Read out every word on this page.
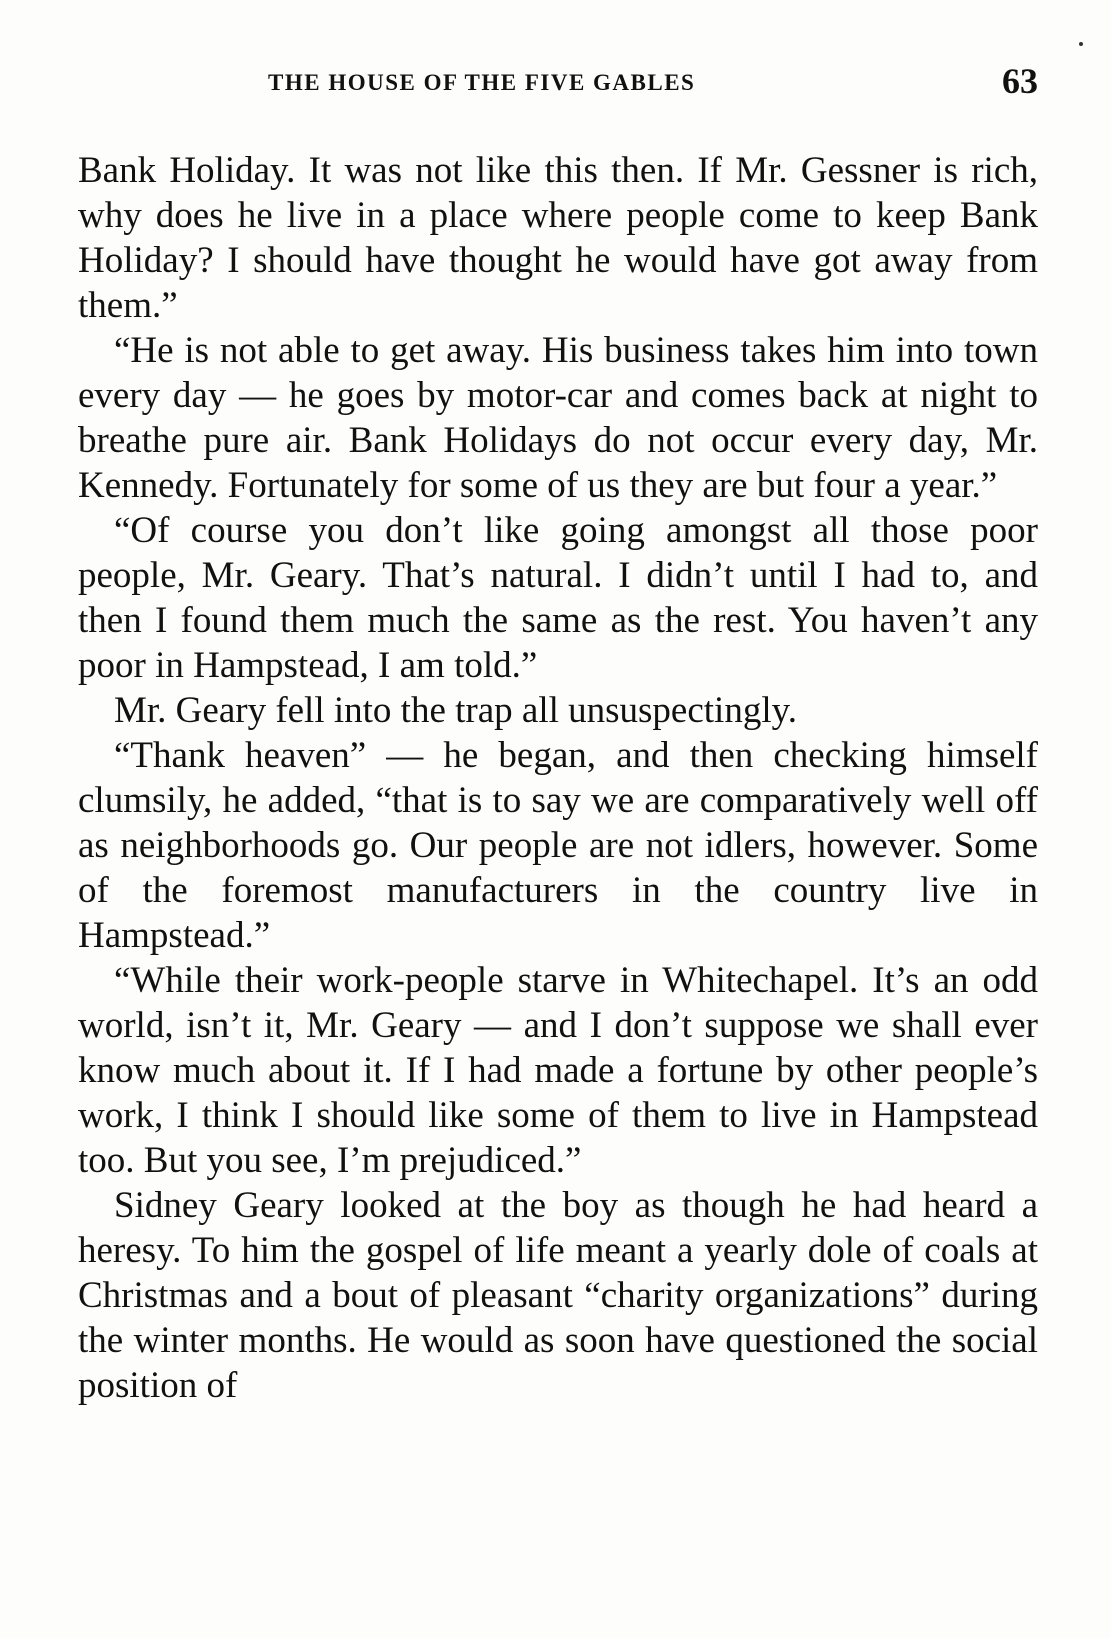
THE HOUSE OF THE FIVE GABLES	63

Bank Holiday. It was not like this then. If Mr. Gessner is rich, why does he live in a place where people come to keep Bank Holiday? I should have thought he would have got away from them.”

“He is not able to get away. His business takes him into town every day — he goes by motor-car and comes back at night to breathe pure air. Bank Holidays do not occur every day, Mr. Kennedy. Fortunately for some of us they are but four a year.”

“Of course you don’t like going amongst all those poor people, Mr. Geary. That’s natural. I didn’t until I had to, and then I found them much the same as the rest. You haven’t any poor in Hampstead, I am told.”

Mr. Geary fell into the trap all unsuspectingly.

“Thank heaven” — he began, and then checking himself clumsily, he added, “that is to say we are comparatively well off as neighborhoods go. Our people are not idlers, however. Some of the foremost manufacturers in the country live in Hampstead.”

“While their work-people starve in Whitechapel. It’s an odd world, isn’t it, Mr. Geary — and I don’t suppose we shall ever know much about it. If I had made a fortune by other people’s work, I think I should like some of them to live in Hampstead too. But you see, I’m prejudiced.”

Sidney Geary looked at the boy as though he had heard a heresy. To him the gospel of life meant a yearly dole of coals at Christmas and a bout of pleasant “charity organizations” during the winter months. He would as soon have questioned the social position of
